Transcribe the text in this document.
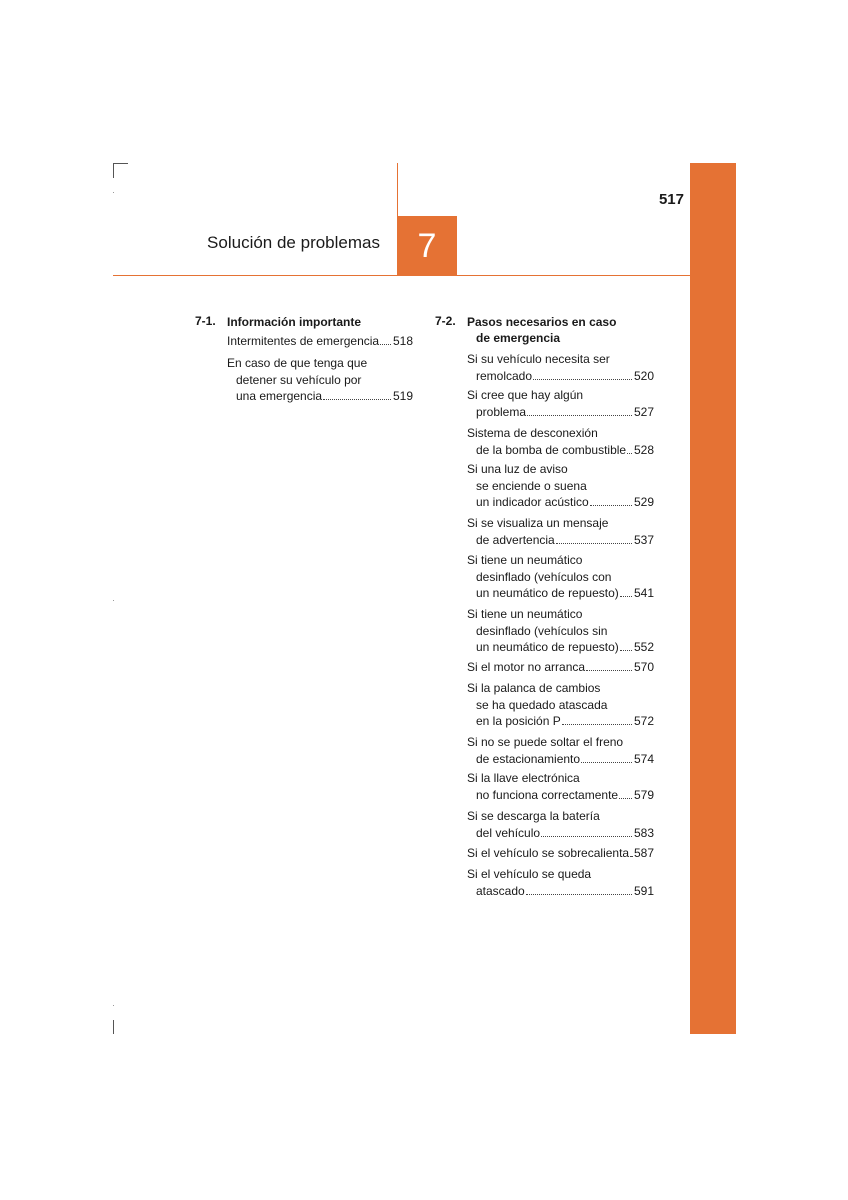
7
Solución de problemas
517
7-1. Información importante
Intermitentes de emergencia 518
En caso de que tenga que
detener su vehículo por
una emergencia	519
7-2. Pasos necesarios en caso
de emergencia
Si su vehículo necesita ser
remolcado	520
Si cree que hay algún
problema	527
Sistema de desconexión
de la bomba de combustible 528
Si una luz de aviso
se enciende o suena
un indicador acústico	529
Si se visualiza un mensaje
de advertencia	537
Si tiene un neumático
desinflado (vehículos con
un neumático de repuesto) 541
Si tiene un neumático
desinflado (vehículos sin
un neumático de repuesto) 552
Si el motor no arranca	570
Si la palanca de cambios
se ha quedado atascada
en la posición P	572
Si no se puede soltar el freno
de estacionamiento	574
Si la llave electrónica
no funciona correctamente 579
Si se descarga la batería
del vehículo	583
Si el vehículo se sobrecalienta 587
Si el vehículo se queda
atascado	591
